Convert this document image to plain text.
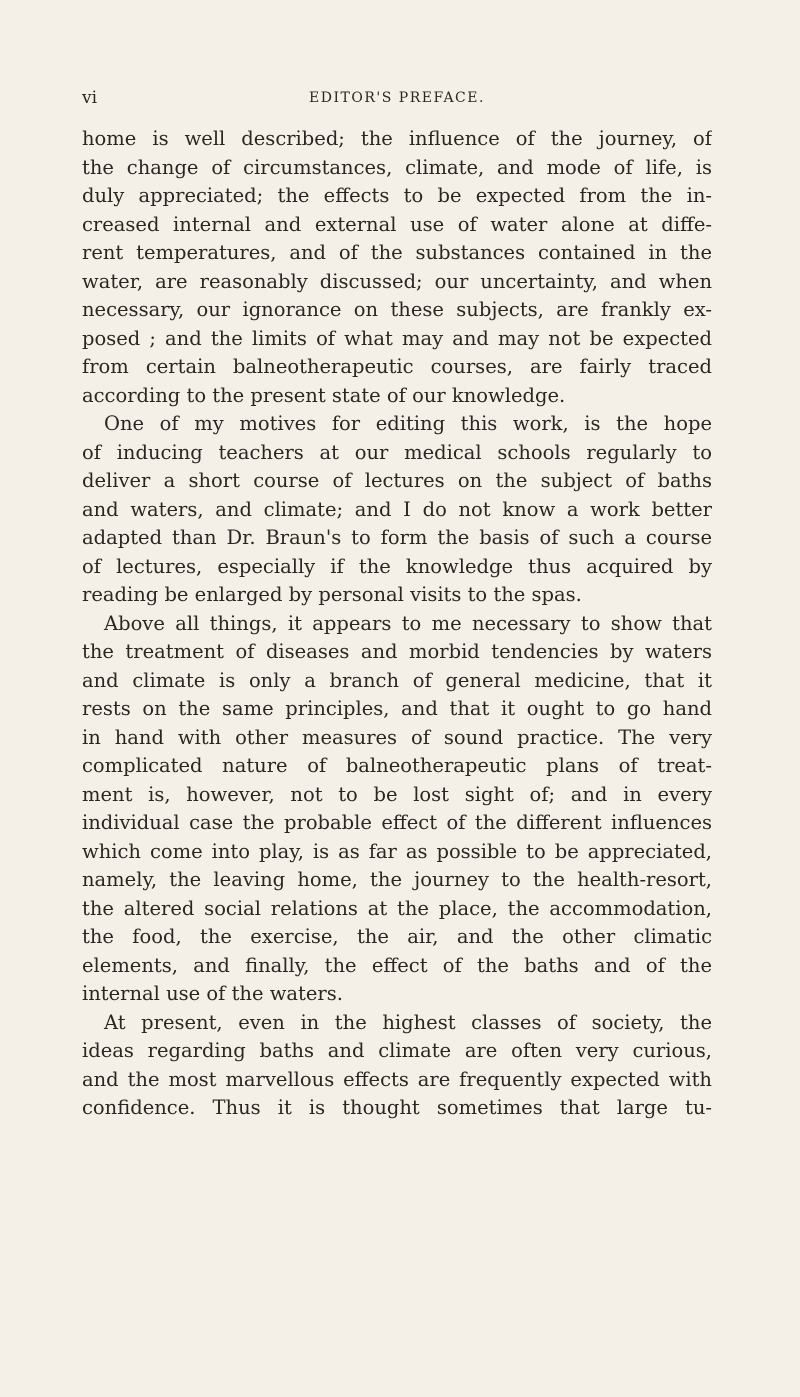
vi	EDITOR'S PREFACE.
home is well described; the influence of the journey, of
the change of circumstances, climate, and mode of life, is
duly appreciated; the effects to be expected from the in-
creased internal and external use of water alone at diffe-
rent temperatures, and of the substances contained in the
water, are reasonably discussed; our uncertainty, and when
necessary, our ignorance on these subjects, are frankly ex-
posed ; and the limits of what may and may not be expected
from certain balneotherapeutic courses, are fairly traced
according to the present state of our knowledge.
One of my motives for editing this work, is the hope
of inducing teachers at our medical schools regularly to
deliver a short course of lectures on the subject of baths
and waters, and climate; and I do not know a work better
adapted than Dr. Braun's to form the basis of such a course
of lectures, especially if the knowledge thus acquired by
reading be enlarged by personal visits to the spas.
Above all things, it appears to me necessary to show that
the treatment of diseases and morbid tendencies by waters
and climate is only a branch of general medicine, that it
rests on the same principles, and that it ought to go hand
in hand with other measures of sound practice. The very
complicated nature of balneotherapeutic plans of treat-
ment is, however, not to be lost sight of; and in every
individual case the probable effect of the different influences
which come into play, is as far as possible to be appreciated,
namely, the leaving home, the journey to the health-resort,
the altered social relations at the place, the accommodation,
the food, the exercise, the air, and the other climatic
elements, and finally, the effect of the baths and of the
internal use of the waters.
At present, even in the highest classes of society, the
ideas regarding baths and climate are often very curious,
and the most marvellous effects are frequently expected with
confidence. Thus it is thought sometimes that large tu-
